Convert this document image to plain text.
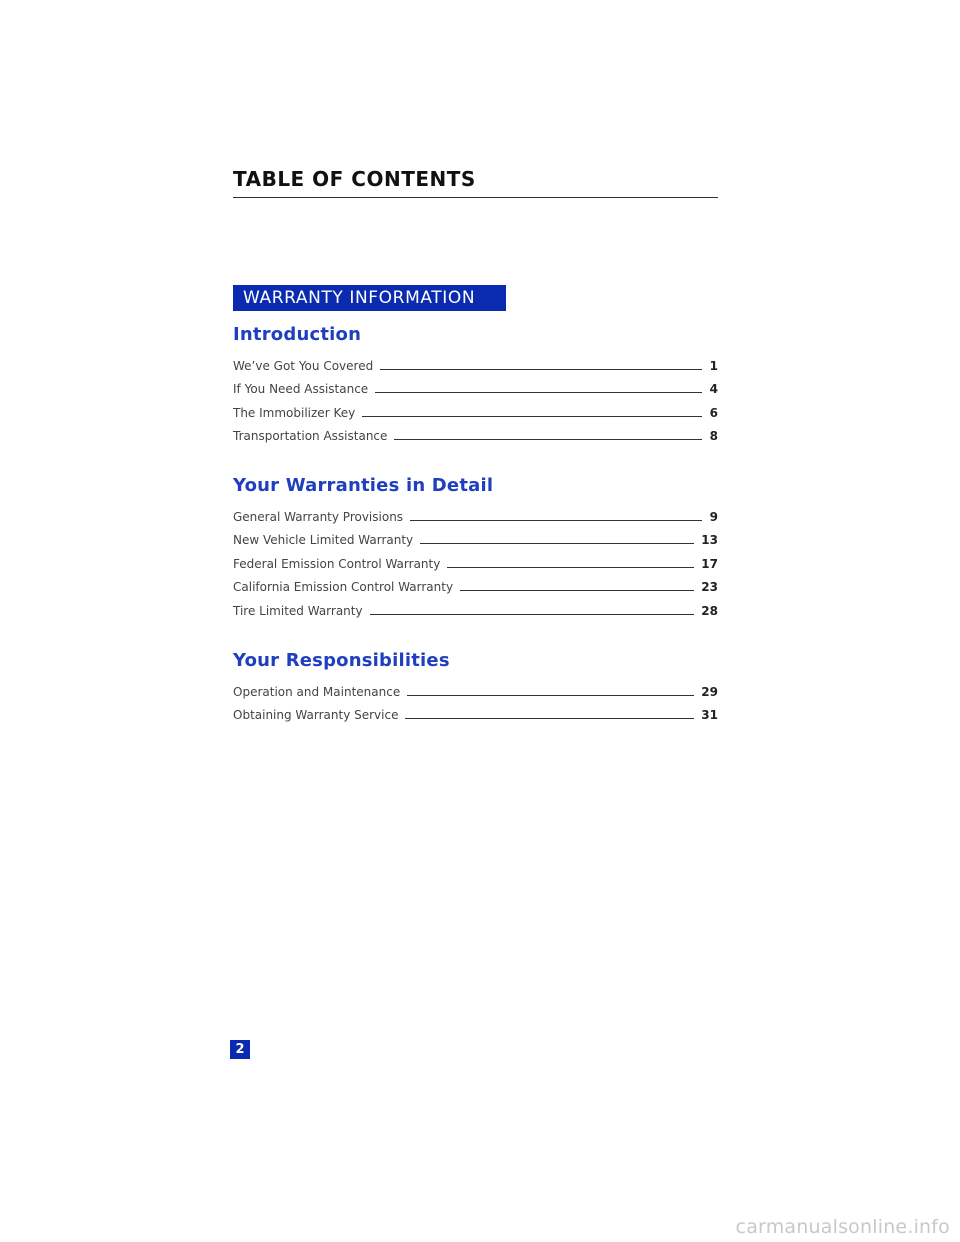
TABLE OF CONTENTS
WARRANTY INFORMATION
Introduction
We’ve Got You Covered	1
If You Need Assistance	4
The Immobilizer Key	6
Transportation Assistance	8
Your Warranties in Detail
General Warranty Provisions	9
New Vehicle Limited Warranty	13
Federal Emission Control Warranty	17
California Emission Control Warranty	23
Tire Limited Warranty	28
Your Responsibilities
Operation and Maintenance	29
Obtaining Warranty Service	31
2
carmanualsonline.info
